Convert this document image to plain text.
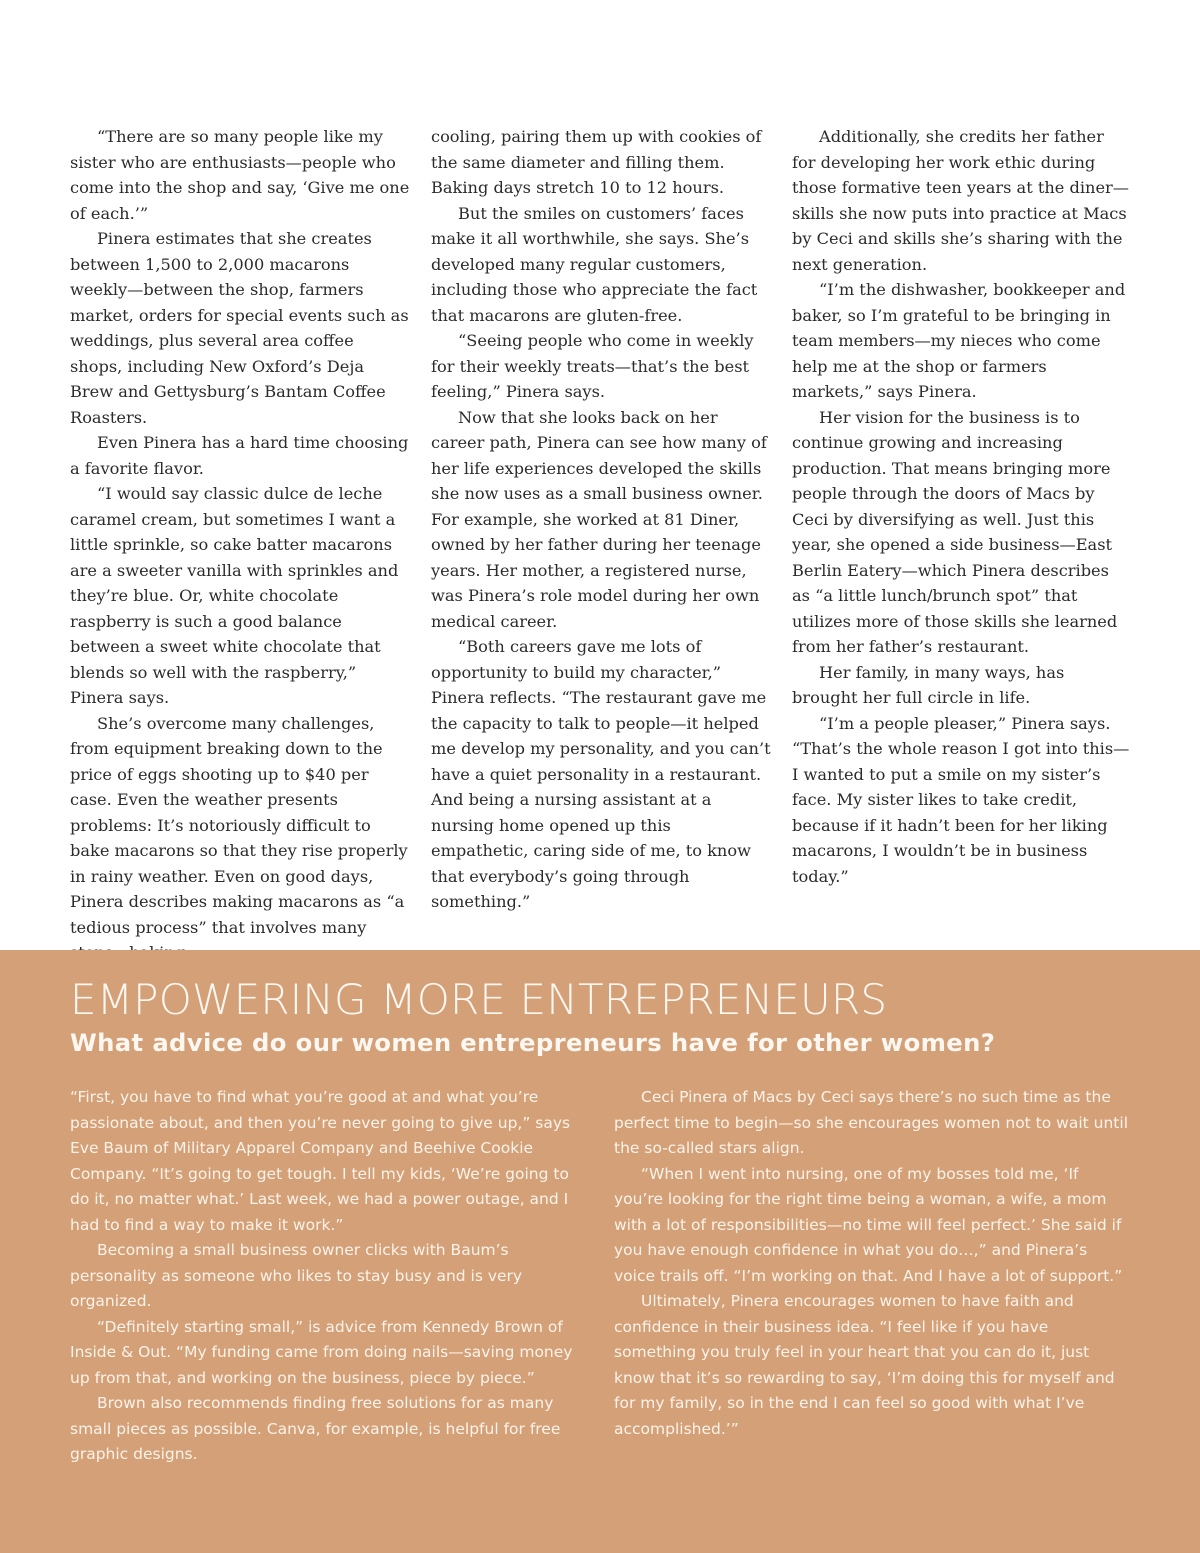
“There are so many people like my sister who are enthusiasts—people who come into the shop and say, ‘Give me one of each.’”

Pinera estimates that she creates between 1,500 to 2,000 macarons weekly—between the shop, farmers market, orders for special events such as weddings, plus several area coffee shops, including New Oxford’s Deja Brew and Gettysburg’s Bantam Coffee Roasters.

Even Pinera has a hard time choosing a favorite flavor.

“I would say classic dulce de leche caramel cream, but sometimes I want a little sprinkle, so cake batter macarons are a sweeter vanilla with sprinkles and they’re blue. Or, white chocolate raspberry is such a good balance between a sweet white chocolate that blends so well with the raspberry,” Pinera says.

She’s overcome many challenges, from equipment breaking down to the price of eggs shooting up to $40 per case. Even the weather presents problems: It’s notoriously difficult to bake macarons so that they rise properly in rainy weather. Even on good days, Pinera describes making macarons as “a tedious process” that involves many

cooling, pairing them up with cookies of the same diameter and filling them. Baking days stretch 10 to 12 hours.

But the smiles on customers’ faces make it all worthwhile, she says. She’s developed many regular customers, including those who appreciate the fact that macarons are gluten-free.

“Seeing people who come in weekly for their weekly treats—that’s the best feeling,” Pinera says.

Now that she looks back on her career path, Pinera can see how many of her life experiences developed the skills she now uses as a small business owner. For example, she worked at 81 Diner, owned by her father during her teenage years. Her mother, a registered nurse, was Pinera’s role model during her own medical career.

“Both careers gave me lots of opportunity to build my character,” Pinera reflects. “The restaurant gave me the capacity to talk to people—it helped me develop my personality, and you can’t have a quiet personality in a restaurant. And being a nursing assistant at a nursing home opened up this empathetic, caring side of me, to know that everybody’s going through something.”

Additionally, she credits her father for developing her work ethic during those formative teen years at the diner—skills she now puts into practice at Macs by Ceci and skills she’s sharing with the next generation.

“I’m the dishwasher, bookkeeper and baker, so I’m grateful to be bringing in team members—my nieces who come help me at the shop or farmers markets,” says Pinera.

Her vision for the business is to continue growing and increasing production. That means bringing more people through the doors of Macs by Ceci by diversifying as well. Just this year, she opened a side business—East Berlin Eatery—which Pinera describes as “a little lunch/brunch spot” that utilizes more of those skills she learned from her father’s restaurant.

Her family, in many ways, has brought her full circle in life.

“I’m a people pleaser,” Pinera says. “That’s the whole reason I got into this—I wanted to put a smile on my sister’s face. My sister likes to take credit, because if it hadn’t been for her liking macarons, I wouldn’t be in business today.”

EMPOWERING MORE ENTREPRENEURS
What advice do our women entrepreneurs have for other women?

“First, you have to find what you’re good at and what you’re passionate about, and then you’re never going to give up,” says Eve Baum of Military Apparel Company and Beehive Cookie Company. “It’s going to get tough. I tell my kids, ‘We’re going to do it, no matter what.’ Last week, we had a power outage, and I had to find a way to make it work.”

Becoming a small business owner clicks with Baum’s personality as someone who likes to stay busy and is very organized.

“Definitely starting small,” is advice from Kennedy Brown of Inside & Out. “My funding came from doing nails—saving money up from that, and working on the business, piece by piece.”

Brown also recommends finding free solutions for as many small pieces as possible. Canva, for example, is helpful for free graphic designs.

Ceci Pinera of Macs by Ceci says there’s no such time as the perfect time to begin—so she encourages women not to wait until the so-called stars align.

“When I went into nursing, one of my bosses told me, ‘If you’re looking for the right time being a woman, a wife, a mom with a lot of responsibilities—no time will feel perfect.’ She said if you have enough confidence in what you do…,” and Pinera’s voice trails off. “I’m working on that. And I have a lot of support.”

Ultimately, Pinera encourages women to have faith and confidence in their business idea. “I feel like if you have something you truly feel in your heart that you can do it, just know that it’s so rewarding to say, ‘I’m doing this for myself and for my family, so in the end I can feel so good with what I’ve accomplished.’”
